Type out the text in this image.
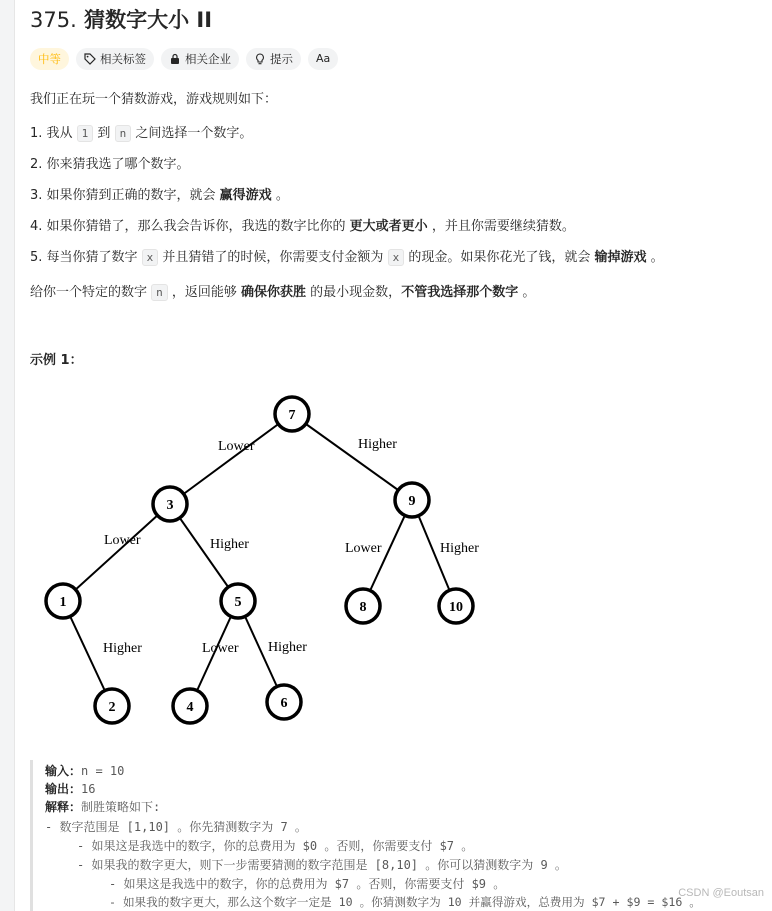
375. 猜数字大小 II
中等	相关标签	相关企业	提示 Aa
我们正在玩一个猜数游戏，游戏规则如下：
1. 我从 1 到 n 之间选择一个数字。
2. 你来猜我选了哪个数字。
3. 如果你猜到正确的数字，就会 赢得游戏 。
4. 如果你猜错了，那么我会告诉你，我选的数字比你的 更大或者更小 ，并且你需要继续猜数。
5. 每当你猜了数字 x 并且猜错了的时候，你需要支付金额为 x 的现金。如果你花光了钱，就会 输掉游戏 。
给你一个特定的数字 n ，返回能够 确保你获胜 的最小现金数，不管我选择那个数字 。
示例 1：
Lower	Higher
Lower	Higher	Lower	Higher
Higher	Lower Higher
7
3	9
1	5	8	10
2	4	6
输入：n = 10
输出：16
解释：制胜策略如下:
- 数字范围是 [1,10] 。你先猜测数字为 7 。
- 如果这是我选中的数字，你的总费用为 $0 。否则，你需要支付 $7 。
- 如果我的数字更大，则下一步需要猜测的数字范围是 [8,10] 。你可以猜测数字为 9 。
- 如果这是我选中的数字，你的总费用为 $7 。否则，你需要支付 $9 。
- 如果我的数字更大，那么这个数字一定是 10 。你猜测数字为 10 并赢得游戏，总费用为 $7 + $9 = $16 。
CSDN @Eoutsan
